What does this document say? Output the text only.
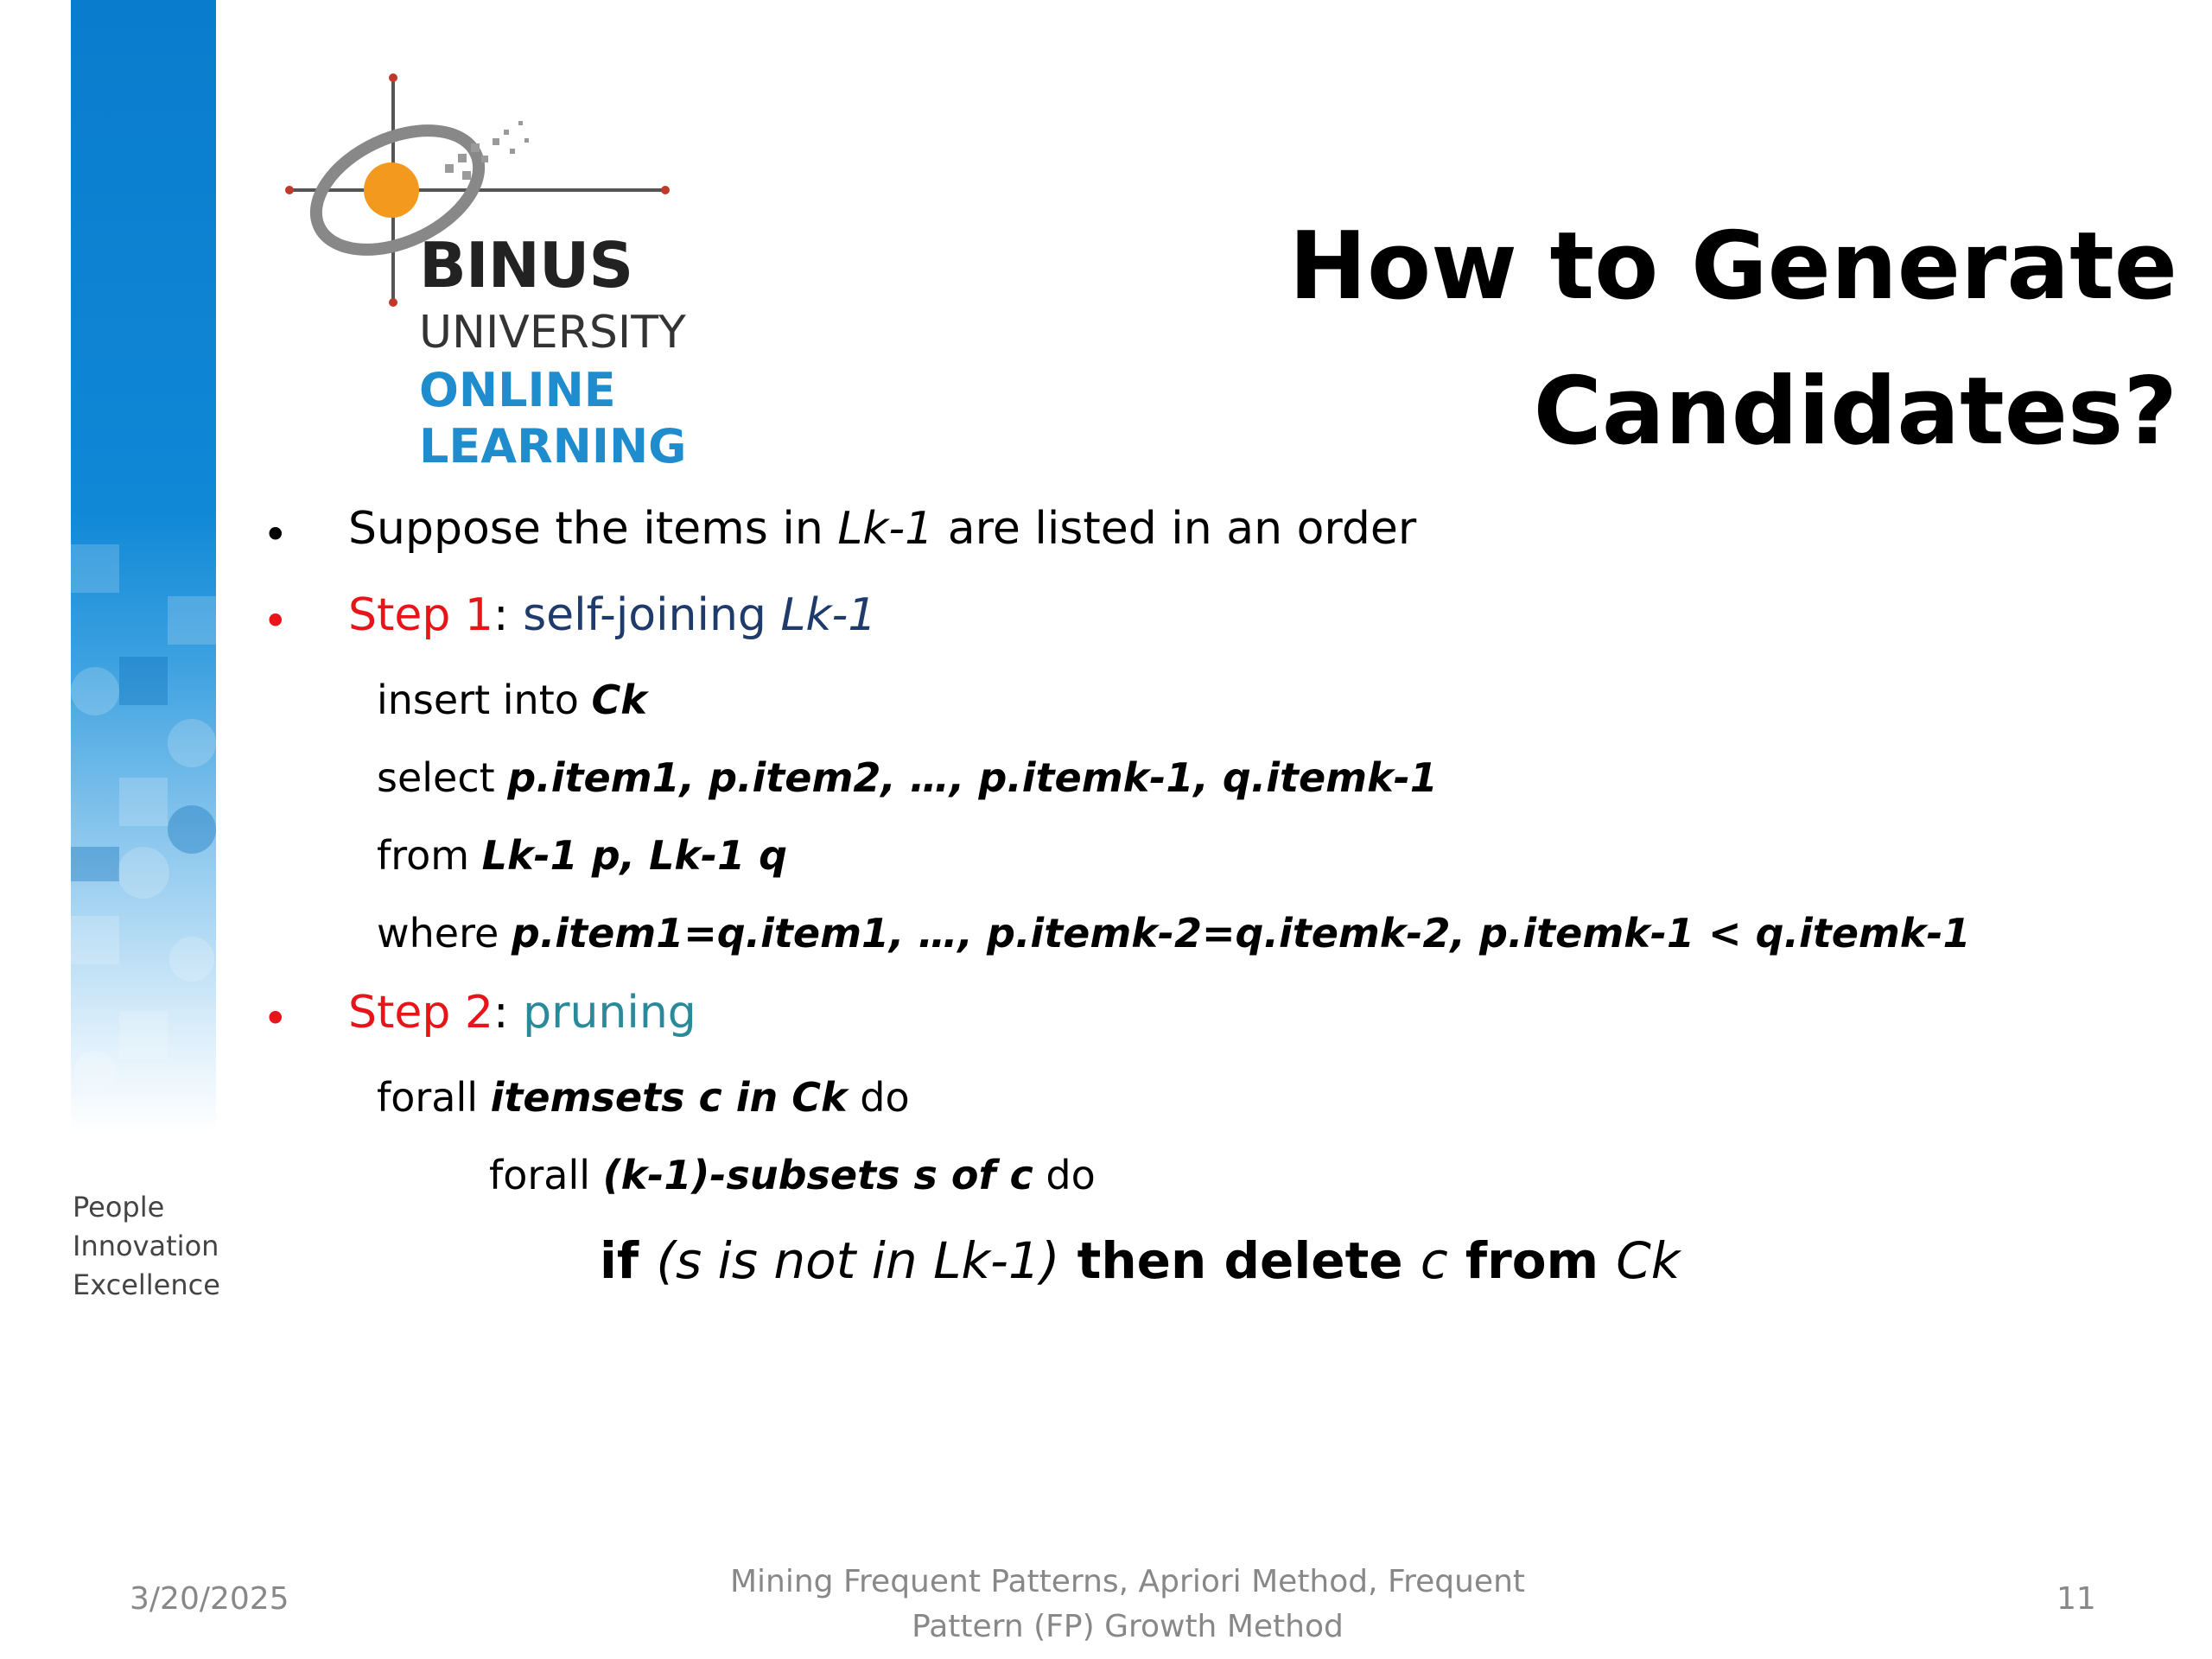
People
Innovation
Excellence
BINUS
UNIVERSITY
ONLINE
LEARNING
How to Generate
Candidates?
• Suppose the items in Lk-1 are listed in an order
• Step 1: self-joining Lk-1
insert into Ck
select p.item1, p.item2, …, p.itemk-1, q.itemk-1
from Lk-1 p, Lk-1 q
where p.item1=q.item1, …, p.itemk-2=q.itemk-2, p.itemk-1 < q.itemk-1
• Step 2: pruning
forall itemsets c in Ck do
forall (k-1)-subsets s of c do
if (s is not in Lk-1) then delete c from Ck
3/20/2025	Mining Frequent Patterns, Apriori Method, Frequent
Pattern (FP) Growth Method
11
